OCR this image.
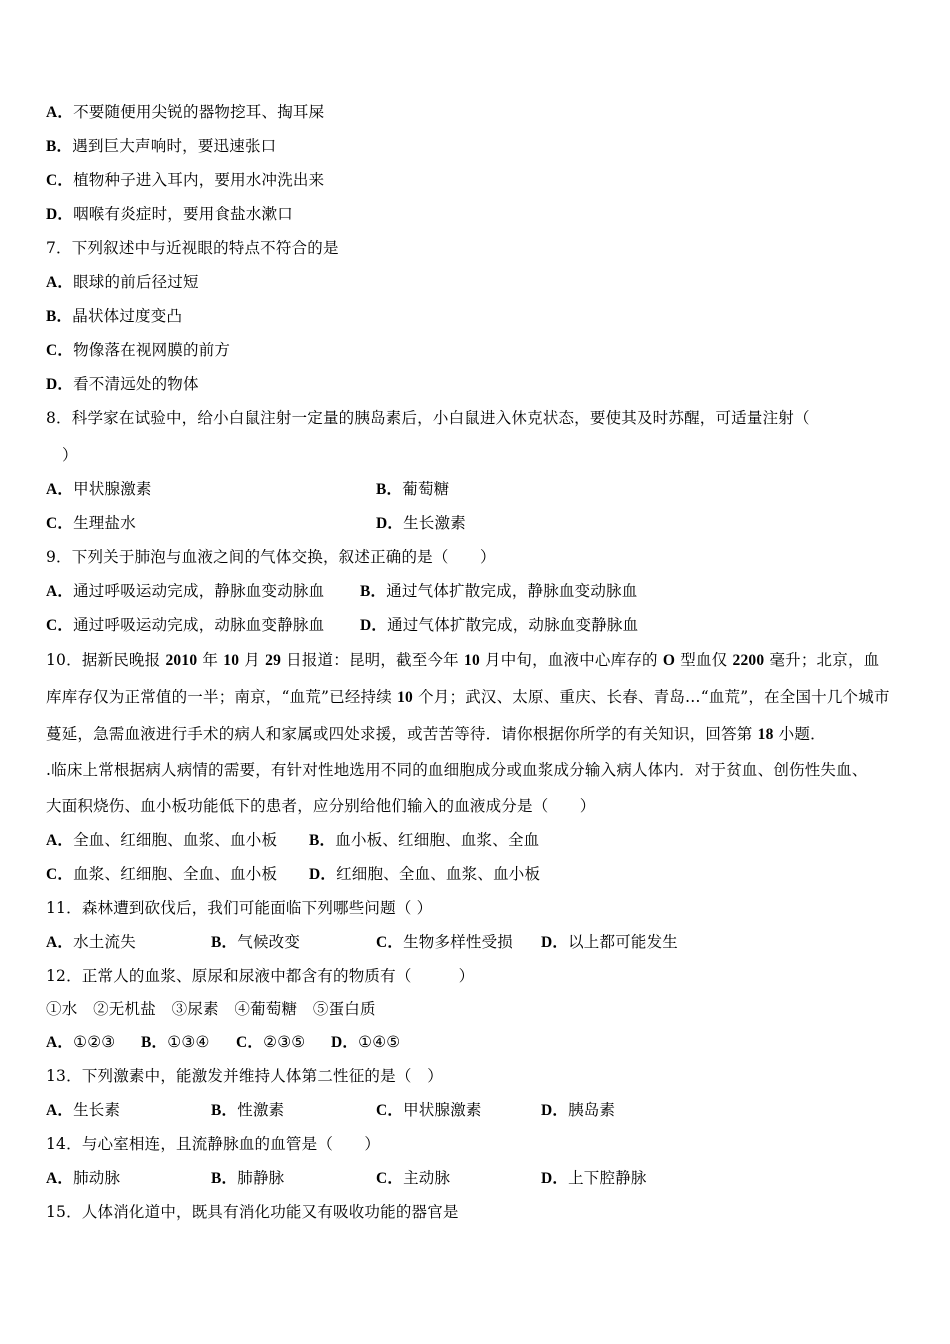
A．不要随便用尖锐的器物挖耳、掏耳屎
B．遇到巨大声响时，要迅速张口
C．植物种子进入耳内，要用水冲洗出来
D．咽喉有炎症时，要用食盐水漱口
7．下列叙述中与近视眼的特点不符合的是
A．眼球的前后径过短
B．晶状体过度变凸
C．物像落在视网膜的前方
D．看不清远处的物体
8．科学家在试验中，给小白鼠注射一定量的胰岛素后，小白鼠进入休克状态，要使其及时苏醒，可适量注射（
）
A．甲状腺激素	B．葡萄糖
C．生理盐水	D．生长激素
9．下列关于肺泡与血液之间的气体交换，叙述正确的是（　　）
A．通过呼吸运动完成，静脉血变动脉血 B．通过气体扩散完成，静脉血变动脉血
C．通过呼吸运动完成，动脉血变静脉血 D．通过气体扩散完成，动脉血变静脉血
10．据新民晚报 2010 年 10 月 29 日报道：昆明，截至今年 10 月中旬，血液中心库存的 O 型血仅 2200 毫升；北京，血
库库存仅为正常值的一半；南京，“血荒”已经持续 10 个月；武汉、太原、重庆、长春、青岛…“血荒”，在全国十几个城市
蔓延，急需血液进行手术的病人和家属或四处求援，或苦苦等待．请你根据你所学的有关知识，回答第 18 小题．
.临床上常根据病人病情的需要，有针对性地选用不同的血细胞成分或血浆成分输入病人体内．对于贫血、创伤性失血、
大面积烧伤、血小板功能低下的患者，应分别给他们输入的血液成分是（　　）
A．全血、红细胞、血浆、血小板 B．血小板、红细胞、血浆、全血
C．血浆、红细胞、全血、血小板 D．红细胞、全血、血浆、血小板
11．森林遭到砍伐后，我们可能面临下列哪些问题（ ）
A．水土流失	B．气候改变	C．生物多样性受损 D．以上都可能发生
12．正常人的血浆、原尿和尿液中都含有的物质有（　　　）
①水　②无机盐　③尿素　④葡萄糖　⑤蛋白质
A．①②③ B．①③④ C．②③⑤ D．①④⑤
13．下列激素中，能激发并维持人体第二性征的是（　）
A．生长素	B．性激素	C．甲状腺激素	D．胰岛素
14．与心室相连，且流静脉血的血管是（　　）
A．肺动脉	B．肺静脉	C．主动脉	D．上下腔静脉
15．人体消化道中，既具有消化功能又有吸收功能的器官是
